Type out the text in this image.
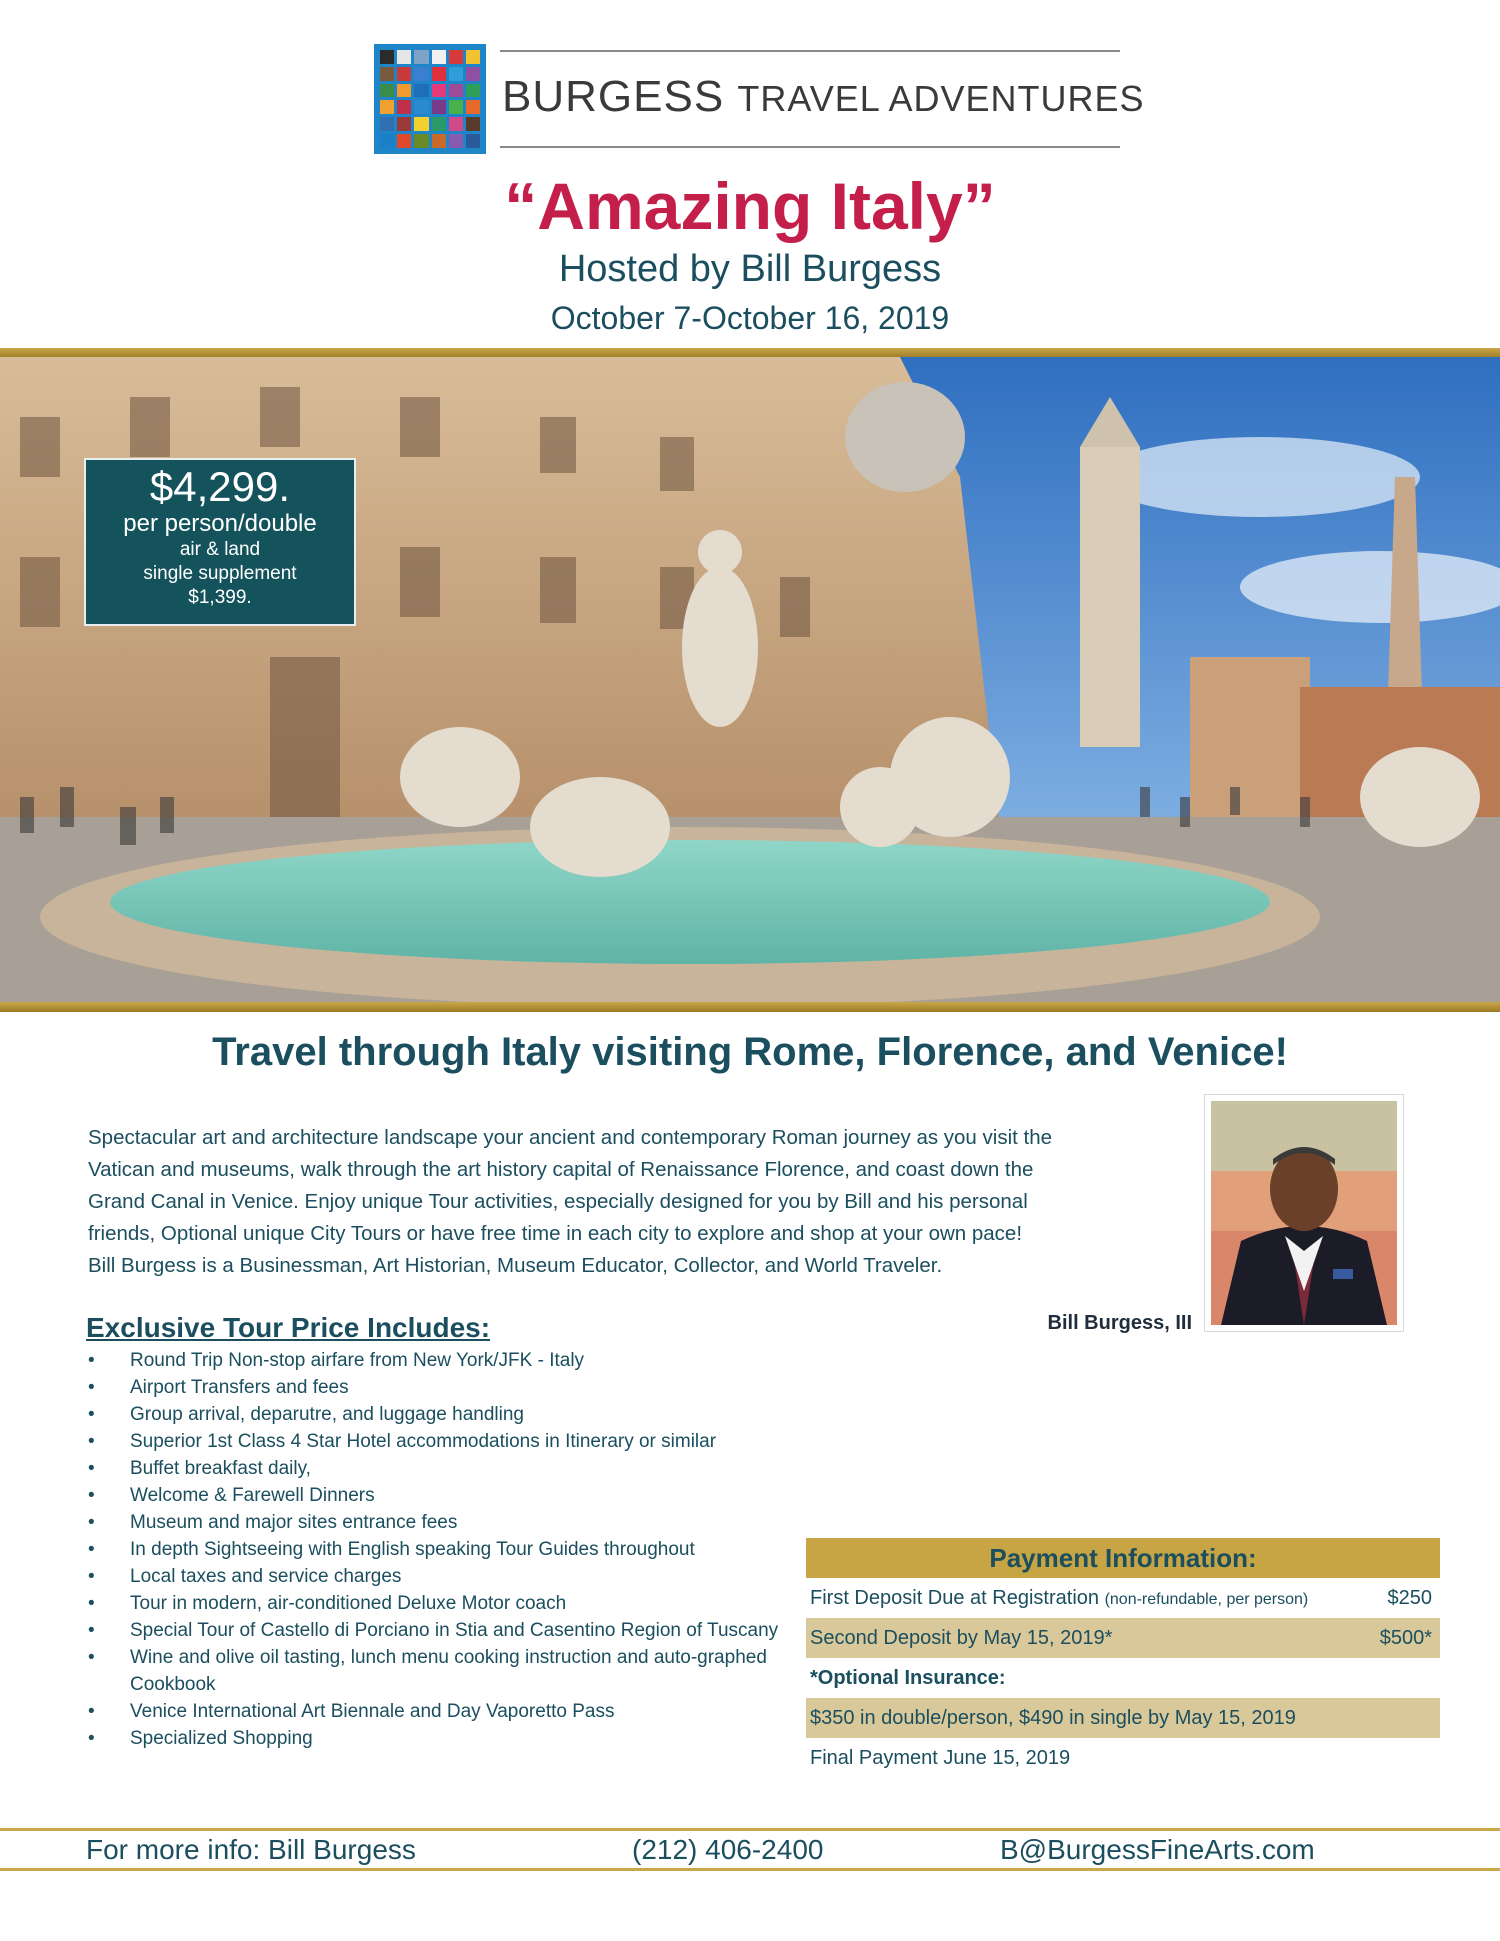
BURGESS TRAVEL ADVENTURES
“Amazing Italy”
Hosted by Bill Burgess
October 7-October 16, 2019
$4,299.
per person/double
air & land
single supplement
$1,399.
Travel through Italy visiting Rome, Florence, and Venice!
Spectacular art and architecture landscape your ancient and contemporary Roman journey as you visit the
Vatican and museums, walk through the art history capital of Renaissance Florence, and coast down the
Grand Canal in Venice. Enjoy unique Tour activities, especially designed for you by Bill and his personal
friends, Optional unique City Tours or have free time in each city to explore and shop at your own pace!
Bill Burgess is a Businessman, Art Historian, Museum Educator, Collector, and World Traveler.
Bill Burgess, III
Exclusive Tour Price Includes:
• Round Trip Non-stop airfare from New York/JFK - Italy
• Airport Transfers and fees
• Group arrival, deparutre, and luggage handling
• Superior 1st Class 4 Star Hotel accommodations in Itinerary or similar
• Buffet breakfast daily,
• Welcome & Farewell Dinners
• Museum and major sites entrance fees
• In depth Sightseeing with English speaking Tour Guides throughout
• Local taxes and service charges
• Tour in modern, air-conditioned Deluxe Motor coach
• Special Tour of Castello di Porciano in Stia and Casentino Region of Tuscany
• Wine and olive oil tasting, lunch menu cooking instruction and auto-graphed Cookbook
• Venice International Art Biennale and Day Vaporetto Pass
• Specialized Shopping
Payment Information:
First Deposit Due at Registration (non-refundable, per person)	$250
Second Deposit by May 15, 2019*	$500*
*Optional Insurance:
$350 in double/person, $490 in single by May 15, 2019
Final Payment June 15, 2019
For more info: Bill Burgess	(212) 406-2400	B@BurgessFineArts.com
